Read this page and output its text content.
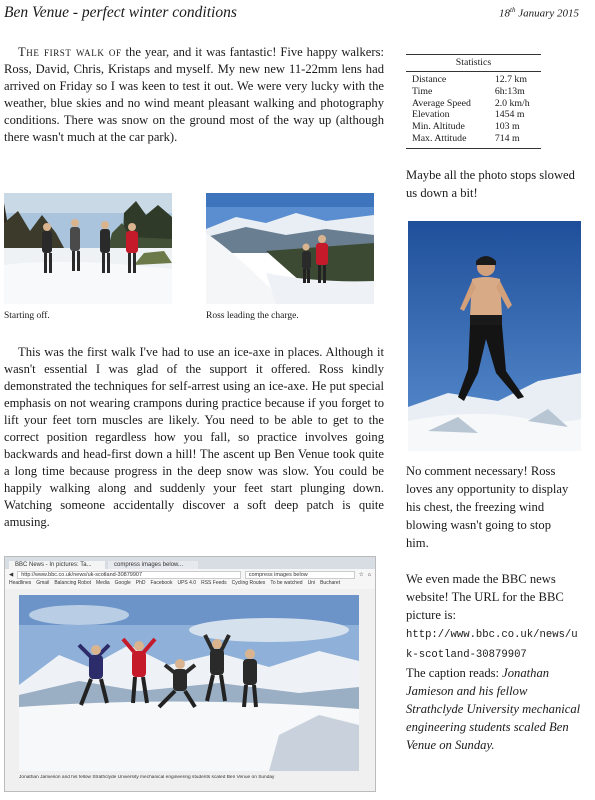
Ben Venue - perfect winter conditions	18th January 2015

The first walk of the year, and it was fantastic! Five happy walkers: Ross, David, Chris, Kristaps and myself. My new new 11-22mm lens had arrived on Friday so I was keen to test it out. We were very lucky with the weather, blue skies and no wind meant pleasant walking and photography conditions. There was snow on the ground most of the way up (although there wasn't much at the car park).

Starting off.	Ross leading the charge.

This was the first walk I've had to use an ice-axe in places. Although it wasn't essential I was glad of the support it offered. Ross kindly demonstrated the techniques for self-arrest using an ice-axe. He put special emphasis on not wearing crampons during practice because if you forget to lift your feet torn muscles are likely. You need to be able to get to the correct position regardless how you fall, so practice involves going backwards and head-first down a hill! The ascent up Ben Venue took quite a long time because progress in the deep snow was slow. You could be happily walking along and suddenly your feet start plunging down. Watching someone accidentally discover a soft deep patch is quite amusing.

BBC News - In pictures: Ta...	compress images below...
◀	http://www.bbc.co.uk/news/uk-scotland-30879907	compress images below	☆ ⌂
Headlines Gmail Balancing Robot Media Google PhD Facebook UPS 4.0 RSS Feeds Cycling Routes To be watched Uni Bucharet
Jonathan Jamieson and his fellow Strathclyde University mechanical engineering students scaled Ben Venue on Sunday
Statistics
Distance	12.7 km
Time	6h:13m
Average Speed	2.0 km/h
Elevation	1454 m
Min. Altitude	103 m
Max. Attitude	714 m

Maybe all the photo stops slowed us down a bit!

No comment necessary! Ross loves any opportunity to display his chest, the freezing wind blowing wasn't going to stop him.

We even made the BBC news website! The URL for the BBC picture is:
http://www.bbc.co.uk/news/uk-scotland-30879907
The caption reads: Jonathan Jamieson and his fellow Strathclyde University mechanical engineering students scaled Ben Venue on Sunday.
